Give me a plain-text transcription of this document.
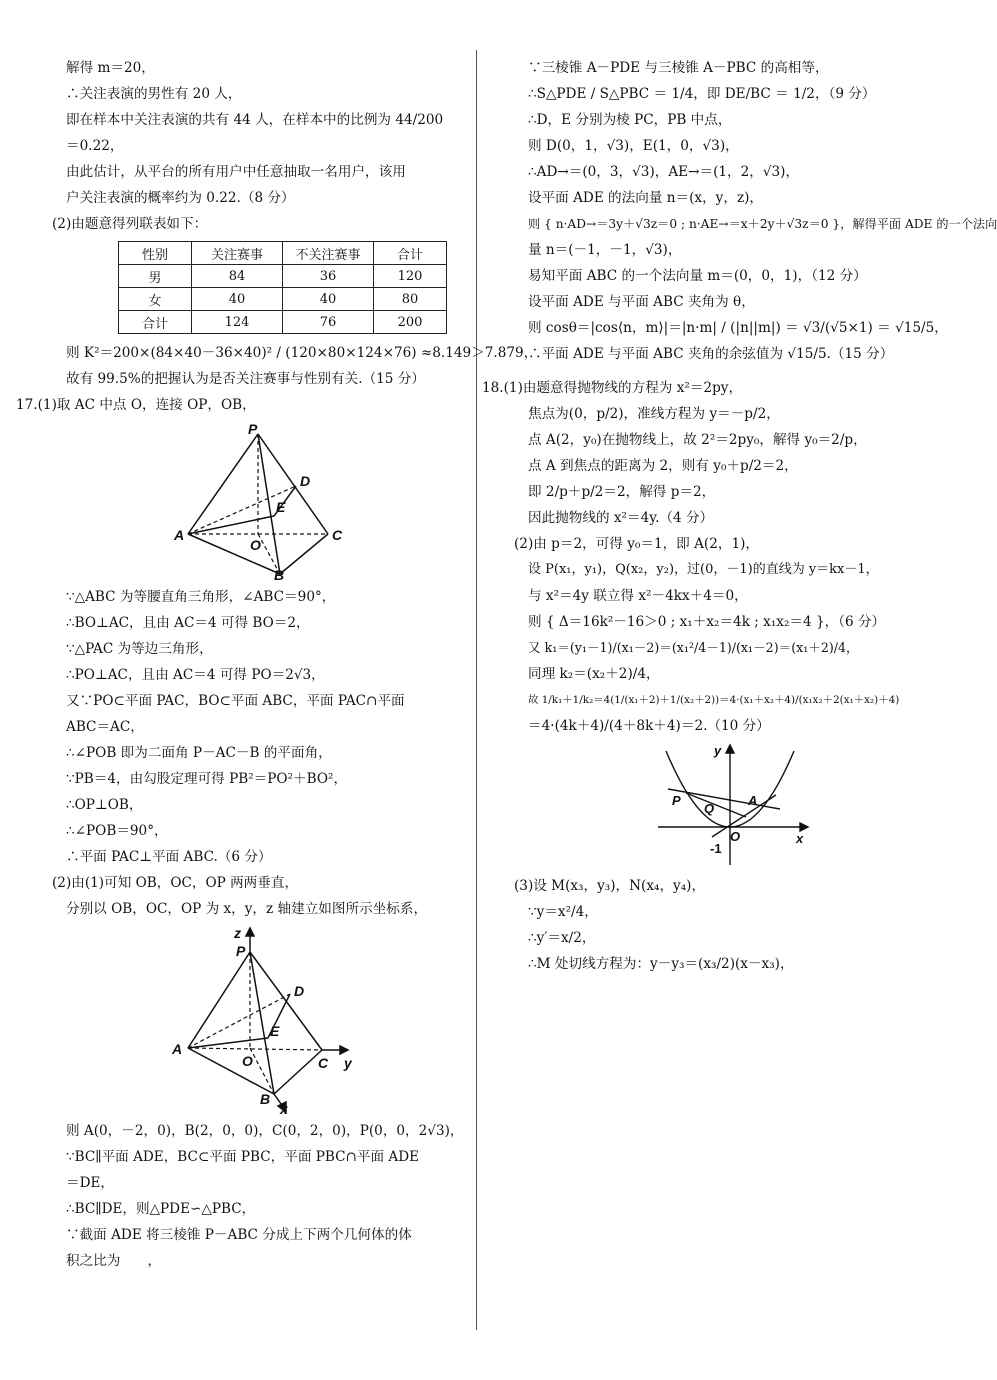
解得 m＝20，

∴关注表演的男性有 20 人，

即在样本中关注表演的共有 44 人，在样本中的比例为 44/200

＝0.22，

由此估计，从平台的所有用户中任意抽取一名用户，该用

户关注表演的概率约为 0.22.（8 分）

(2)由题意得列联表如下：

性别	关注赛事	不关注赛事	合计
男	84	36	120
女	40	40	80
合计	124	76	200

则 K²＝200×(84×40－36×40)² / (120×80×124×76) ≈8.149＞7.879，

故有 99.5%的把握认为是否关注赛事与性别有关.（15 分）

17.(1)取 AC 中点 O，连接 OP，OB，

P
D
E
A
O
C
B

∵△ABC 为等腰直角三角形，∠ABC＝90°，

∴BO⊥AC，且由 AC＝4 可得 BO＝2，

∵△PAC 为等边三角形，

∴PO⊥AC，且由 AC＝4 可得 PO＝2√3，

又∵PO⊂平面 PAC，BO⊂平面 ABC，平面 PAC∩平面

ABC＝AC，

∴∠POB 即为二面角 P－AC－B 的平面角，

∵PB＝4，由勾股定理可得 PB²＝PO²＋BO²，

∴OP⊥OB，

∴∠POB＝90°，

∴平面 PAC⊥平面 ABC.（6 分）

(2)由(1)可知 OB，OC，OP 两两垂直，

分别以 OB，OC，OP 为 x，y，z 轴建立如图所示坐标系，

z
P
D
E
A
O	C y
B
x

则 A(0，－2，0)，B(2，0，0)，C(0，2，0)，P(0，0，2√3)，

∵BC∥平面 ADE，BC⊂平面 PBC，平面 PBC∩平面 ADE

＝DE，

∴BC∥DE，则△PDE∽△PBC，

∵截面 ADE 将三棱锥 P－ABC 分成上下两个几何体的体

积之比为　　，

∵三棱锥 A－PDE 与三棱锥 A－PBC 的高相等，

∴S△PDE / S△PBC ＝ 1/4，即 DE/BC ＝ 1/2，（9 分）

∴D，E 分别为棱 PC，PB 中点，

则 D(0，1，√3)，E(1，0，√3)，

∴AD→＝(0，3，√3)，AE→＝(1，2，√3)，

设平面 ADE 的法向量 n＝(x，y，z)，

则 { n·AD→＝3y＋√3z＝0 ; n·AE→＝x＋2y＋√3z＝0 }，解得平面 ADE 的一个法向

量 n＝(－1，－1，√3)，

易知平面 ABC 的一个法向量 m＝(0，0，1)，（12 分）

设平面 ADE 与平面 ABC 夹角为 θ，

则 cosθ＝|cos⟨n，m⟩|＝|n·m| / (|n||m|) ＝ √3/(√5×1) ＝ √15/5，

∴平面 ADE 与平面 ABC 夹角的余弦值为 √15/5.（15 分）

18.(1)由题意得抛物线的方程为 x²＝2py，

焦点为(0，p/2)，准线方程为 y＝－p/2，

点 A(2，y₀)在抛物线上，故 2²＝2py₀，解得 y₀＝2/p，

点 A 到焦点的距离为 2，则有 y₀＋p/2＝2，

即 2/p＋p/2＝2，解得 p＝2，

因此抛物线的 x²＝4y.（4 分）

(2)由 p＝2，可得 y₀＝1，即 A(2，1)，

设 P(x₁，y₁)，Q(x₂，y₂)，过(0，－1)的直线为 y＝kx－1，

与 x²＝4y 联立得 x²－4kx＋4＝0，

则 { Δ＝16k²－16＞0 ; x₁＋x₂＝4k ; x₁x₂＝4 }，（6 分）

又 k₁＝(y₁－1)/(x₁－2)＝(x₁²/4－1)/(x₁－2)＝(x₁＋2)/4，

同理 k₂＝(x₂＋2)/4，

故 1/k₁＋1/k₂＝4(1/(x₁＋2)＋1/(x₂＋2))＝4·(x₁＋x₂＋4)/(x₁x₂＋2(x₁＋x₂)＋4)

＝4·(4k＋4)/(4＋8k＋4)＝2.（10 分）

y
P
Q
A
O
-1
x

(3)设 M(x₃，y₃)，N(x₄，y₄)，

∵y＝x²/4，

∴y′＝x/2，

∴M 处切线方程为：y－y₃＝(x₃/2)(x－x₃)，
